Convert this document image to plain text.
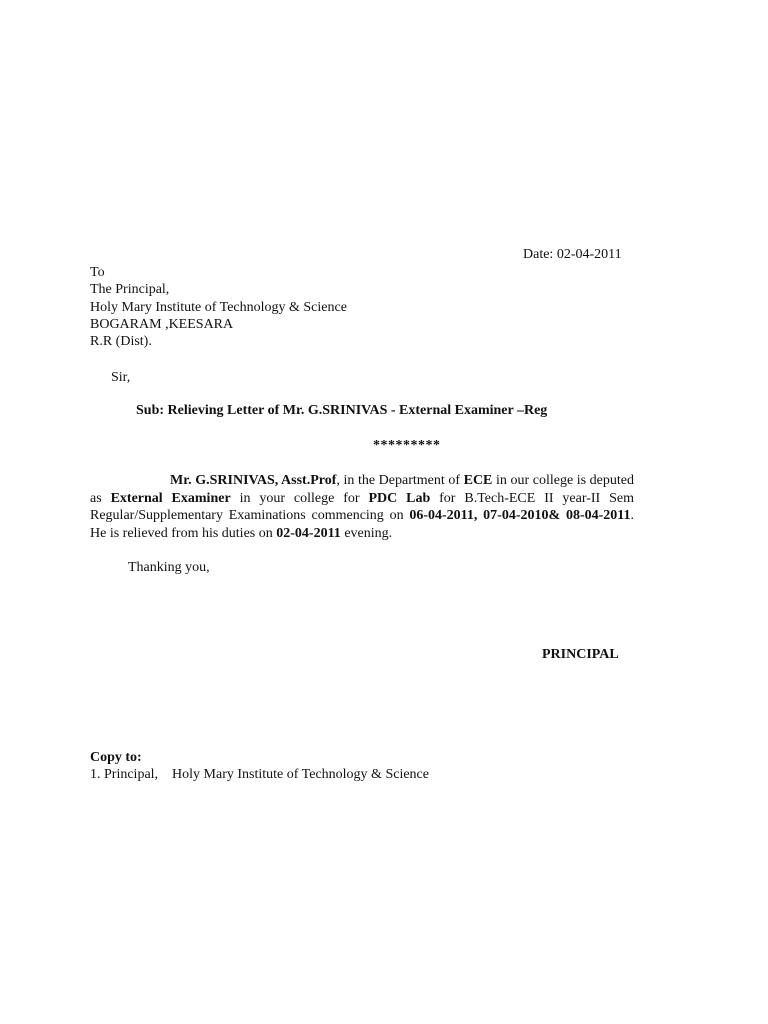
Date: 02-04-2011
To
The Principal,
Holy Mary Institute of Technology & Science
BOGARAM ,KEESARA
R.R (Dist).
Sir,
Sub: Relieving Letter of Mr. G.SRINIVAS - External Examiner –Reg
*********
Mr. G.SRINIVAS, Asst.Prof, in the Department of ECE in our college is deputed as External Examiner in your college for PDC Lab for B.Tech-ECE II year-II Sem Regular/Supplementary Examinations commencing on 06-04-2011, 07-04-2010& 08-04-2011. He is relieved from his duties on 02-04-2011 evening.
Thanking you,
PRINCIPAL
Copy to:
1. Principal,    Holy Mary Institute of Technology & Science
